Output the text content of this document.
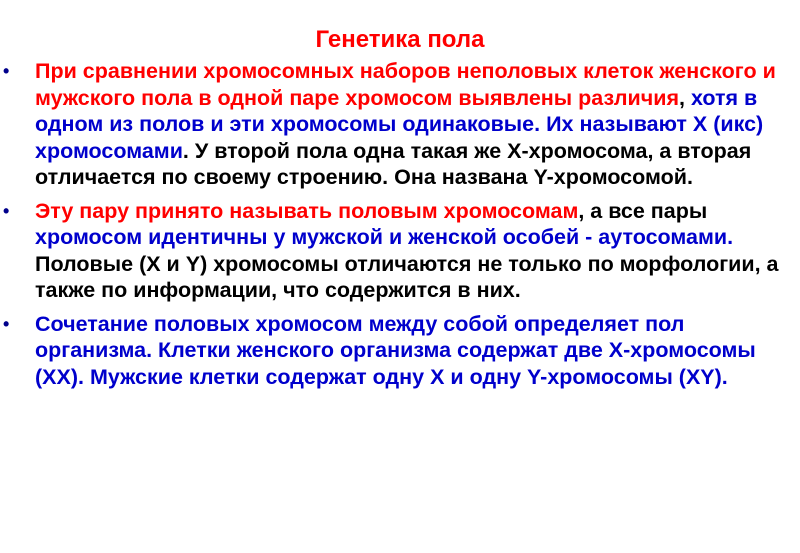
Генетика пола
• При сравнении хромосомных наборов неполовых клеток женского и мужского пола в одной паре хромосом выявлены различия, хотя в одном из полов и эти хромосомы одинаковые. Их называют Х (икс) хромосомами. У второй пола одна такая же Х-хромосома, а вторая отличается по своему строению. Она названа Y-хромосомой.
• Эту пару принято называть половым хромосомам, а все пары хромосом идентичны у мужской и женской особей - аутосомами. Половые (X и Y) хромосомы отличаются не только по морфологии, а также по информации, что содержится в них.
• Сочетание половых хромосом между собой определяет пол организма. Клетки женского организма содержат две Х-хромосомы (ХХ). Мужские клетки содержат одну Х и одну Y-хромосомы (XY).
